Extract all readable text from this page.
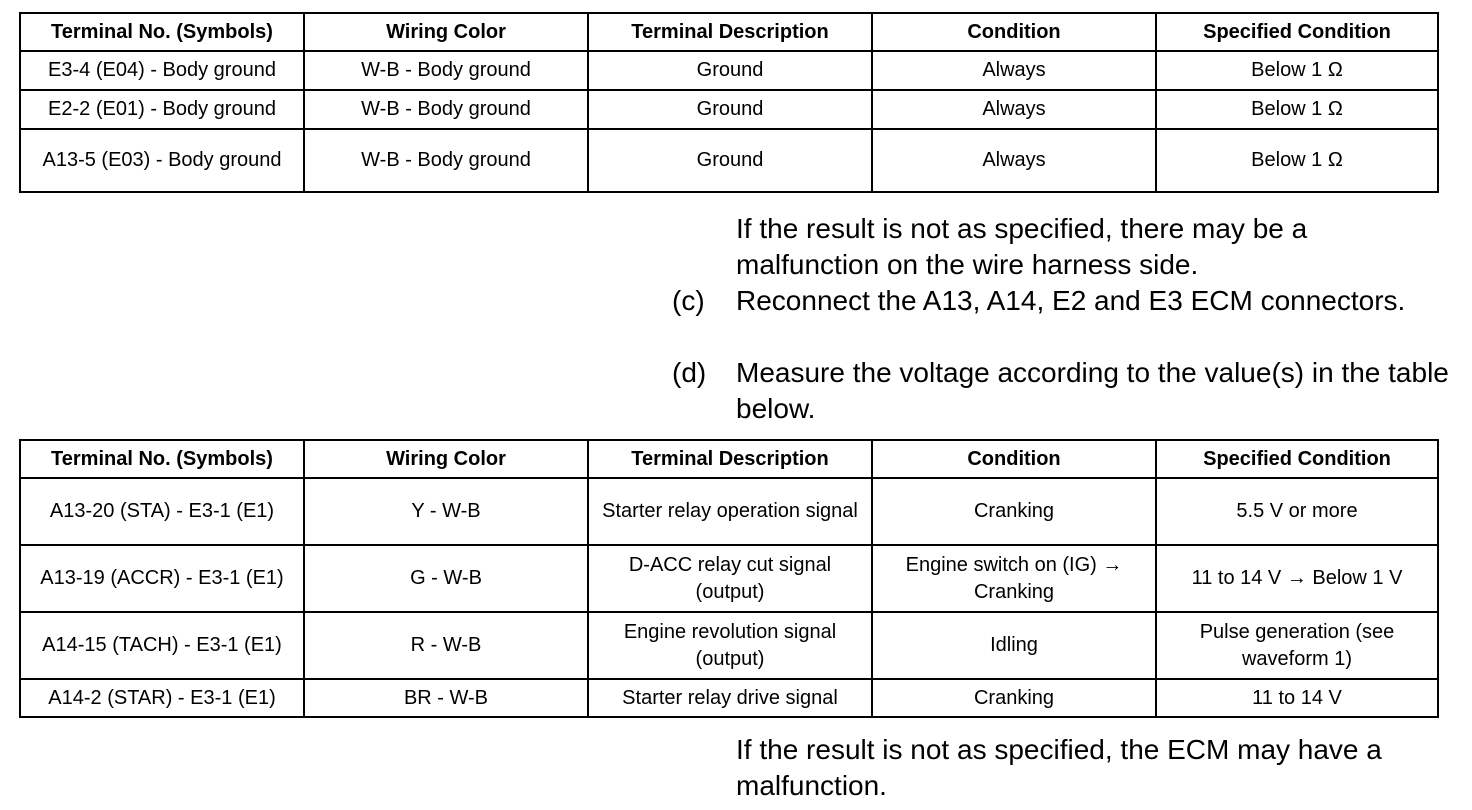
Terminal No. (Symbols)	Wiring Color	Terminal Description	Condition	Specified Condition
E3-4 (E04) - Body ground	W-B - Body ground	Ground	Always	Below 1 Ω
E2-2 (E01) - Body ground	W-B - Body ground	Ground	Always	Below 1 Ω
A13-5 (E03) - Body ground	W-B - Body ground	Ground	Always	Below 1 Ω
If the result is not as specified, there may be a malfunction on the wire harness side.
(c) Reconnect the A13, A14, E2 and E3 ECM connectors.
(d) Measure the voltage according to the value(s) in the table below.
Terminal No. (Symbols)	Wiring Color	Terminal Description	Condition	Specified Condition
A13-20 (STA) - E3-1 (E1)	Y - W-B	Starter relay operation signal	Cranking	5.5 V or more
A13-19 (ACCR) - E3-1 (E1)	G - W-B	D-ACC relay cut signal (output)	Engine switch on (IG) → Cranking	11 to 14 V → Below 1 V
A14-15 (TACH) - E3-1 (E1)	R - W-B	Engine revolution signal (output)	Idling	Pulse generation (see waveform 1)
A14-2 (STAR) - E3-1 (E1)	BR - W-B	Starter relay drive signal	Cranking	11 to 14 V
If the result is not as specified, the ECM may have a malfunction.
